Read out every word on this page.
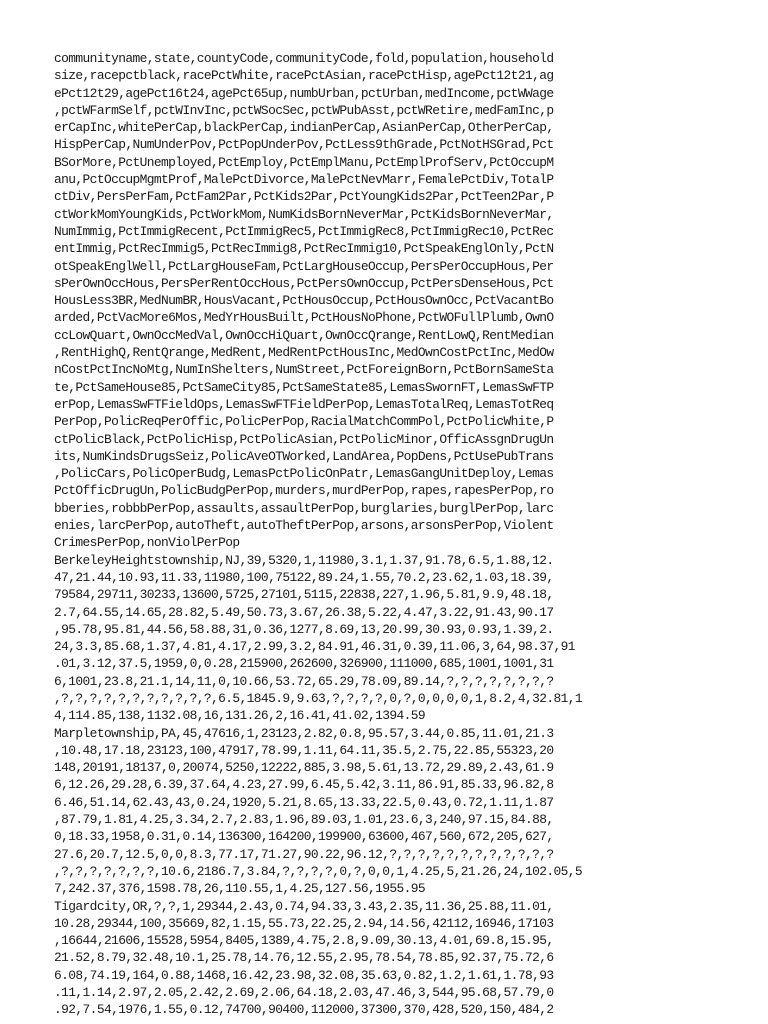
communityname,state,countyCode,communityCode,fold,population,household
size,racepctblack,racePctWhite,racePctAsian,racePctHisp,agePct12t21,ag
ePct12t29,agePct16t24,agePct65up,numbUrban,pctUrban,medIncome,pctWWage
,pctWFarmSelf,pctWInvInc,pctWSocSec,pctWPubAsst,pctWRetire,medFamInc,p
erCapInc,whitePerCap,blackPerCap,indianPerCap,AsianPerCap,OtherPerCap,
HispPerCap,NumUnderPov,PctPopUnderPov,PctLess9thGrade,PctNotHSGrad,Pct
BSorMore,PctUnemployed,PctEmploy,PctEmplManu,PctEmplProfServ,PctOccupM
anu,PctOccupMgmtProf,MalePctDivorce,MalePctNevMarr,FemalePctDiv,TotalP
ctDiv,PersPerFam,PctFam2Par,PctKids2Par,PctYoungKids2Par,PctTeen2Par,P
ctWorkMomYoungKids,PctWorkMom,NumKidsBornNeverMar,PctKidsBornNeverMar,
NumImmig,PctImmigRecent,PctImmigRec5,PctImmigRec8,PctImmigRec10,PctRec
entImmig,PctRecImmig5,PctRecImmig8,PctRecImmig10,PctSpeakEnglOnly,PctN
otSpeakEnglWell,PctLargHouseFam,PctLargHouseOccup,PersPerOccupHous,Per
sPerOwnOccHous,PersPerRentOccHous,PctPersOwnOccup,PctPersDenseHous,Pct
HousLess3BR,MedNumBR,HousVacant,PctHousOccup,PctHousOwnOcc,PctVacantBo
arded,PctVacMore6Mos,MedYrHousBuilt,PctHousNoPhone,PctWOFullPlumb,OwnO
ccLowQuart,OwnOccMedVal,OwnOccHiQuart,OwnOccQrange,RentLowQ,RentMedian
,RentHighQ,RentQrange,MedRent,MedRentPctHousInc,MedOwnCostPctInc,MedOw
nCostPctIncNoMtg,NumInShelters,NumStreet,PctForeignBorn,PctBornSameSta
te,PctSameHouse85,PctSameCity85,PctSameState85,LemasSwornFT,LemasSwFTP
erPop,LemasSwFTFieldOps,LemasSwFTFieldPerPop,LemasTotalReq,LemasTotReq
PerPop,PolicReqPerOffic,PolicPerPop,RacialMatchCommPol,PctPolicWhite,P
ctPolicBlack,PctPolicHisp,PctPolicAsian,PctPolicMinor,OfficAssgnDrugUn
its,NumKindsDrugsSeiz,PolicAveOTWorked,LandArea,PopDens,PctUsePubTrans
,PolicCars,PolicOperBudg,LemasPctPolicOnPatr,LemasGangUnitDeploy,Lemas
PctOfficDrugUn,PolicBudgPerPop,murders,murdPerPop,rapes,rapesPerPop,ro
bberies,robbbPerPop,assaults,assaultPerPop,burglaries,burglPerPop,larc
enies,larcPerPop,autoTheft,autoTheftPerPop,arsons,arsonsPerPop,Violent
CrimesPerPop,nonViolPerPop
BerkeleyHeightstownship,NJ,39,5320,1,11980,3.1,1.37,91.78,6.5,1.88,12.
47,21.44,10.93,11.33,11980,100,75122,89.24,1.55,70.2,23.62,1.03,18.39,
79584,29711,30233,13600,5725,27101,5115,22838,227,1.96,5.81,9.9,48.18,
2.7,64.55,14.65,28.82,5.49,50.73,3.67,26.38,5.22,4.47,3.22,91.43,90.17
,95.78,95.81,44.56,58.88,31,0.36,1277,8.69,13,20.99,30.93,0.93,1.39,2.
24,3.3,85.68,1.37,4.81,4.17,2.99,3.2,84.91,46.31,0.39,11.06,3,64,98.37,91
.01,3.12,37.5,1959,0,0.28,215900,262600,326900,111000,685,1001,1001,31
6,1001,23.8,21.1,14,11,0,10.66,53.72,65.29,78.09,89.14,?,?,?,?,?,?,?,?
,?,?,?,?,?,?,?,?,?,?,?,6.5,1845.9,9.63,?,?,?,?,0,?,0,0,0,0,1,8.2,4,32.81,1
4,114.85,138,1132.08,16,131.26,2,16.41,41.02,1394.59
Marpletownship,PA,45,47616,1,23123,2.82,0.8,95.57,3.44,0.85,11.01,21.3
,10.48,17.18,23123,100,47917,78.99,1.11,64.11,35.5,2.75,22.85,55323,20
148,20191,18137,0,20074,5250,12222,885,3.98,5.61,13.72,29.89,2.43,61.9
6,12.26,29.28,6.39,37.64,4.23,27.99,6.45,5.42,3.11,86.91,85.33,96.82,8
6.46,51.14,62.43,43,0.24,1920,5.21,8.65,13.33,22.5,0.43,0.72,1.11,1.87
,87.79,1.81,4.25,3.34,2.7,2.83,1.96,89.03,1.01,23.6,3,240,97.15,84.88,
0,18.33,1958,0.31,0.14,136300,164200,199900,63600,467,560,672,205,627,
27.6,20.7,12.5,0,0,8.3,77.17,71.27,90.22,96.12,?,?,?,?,?,?,?,?,?,?,?,?
,?,?,?,?,?,?,?,10.6,2186.7,3.84,?,?,?,?,0,?,0,0,1,4.25,5,21.26,24,102.05,5
7,242.37,376,1598.78,26,110.55,1,4.25,127.56,1955.95
Tigardcity,OR,?,?,1,29344,2.43,0.74,94.33,3.43,2.35,11.36,25.88,11.01,
10.28,29344,100,35669,82,1.15,55.73,22.25,2.94,14.56,42112,16946,17103
,16644,21606,15528,5954,8405,1389,4.75,2.8,9.09,30.13,4.01,69.8,15.95,
21.52,8.79,32.48,10.1,25.78,14.76,12.55,2.95,78.54,78.85,92.37,75.72,6
6.08,74.19,164,0.88,1468,16.42,23.98,32.08,35.63,0.82,1.2,1.61,1.78,93
.11,1.14,2.97,2.05,2.42,2.69,2.06,64.18,2.03,47.46,3,544,95.68,57.79,0
.92,7.54,1976,1.55,0.12,74700,90400,112000,37300,370,428,520,150,484,2
